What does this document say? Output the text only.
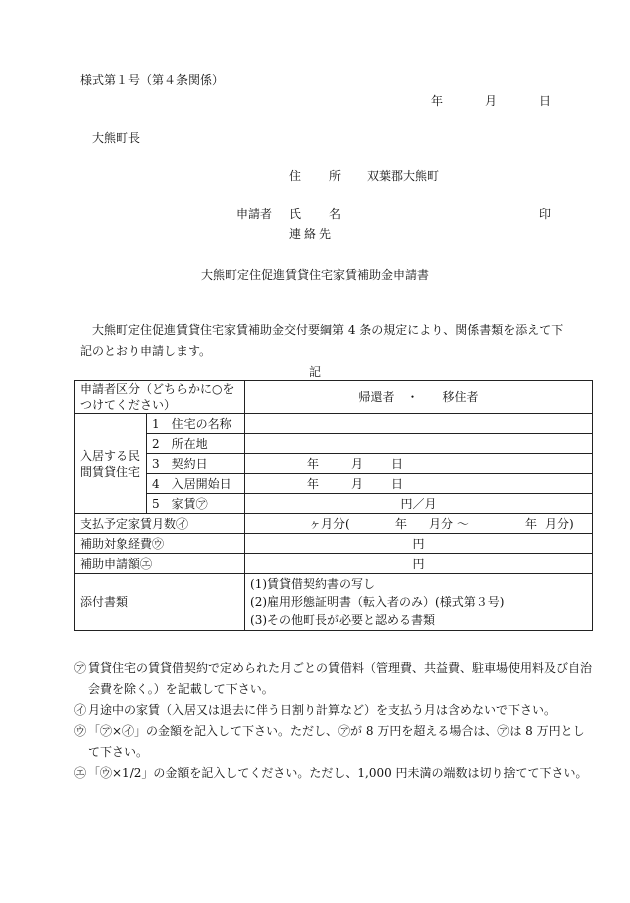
様式第１号（第４条関係）
年	月	日
大熊町長
住 所 双葉郡大熊町
申請者 氏 名	印
連絡先
大熊町定住促進賃貸住宅家賃補助金申請書
大熊町定住促進賃貸住宅家賃補助金交付要綱第 4 条の規定により、関係書類を添えて下記のとおり申請します。
記
申請者区分（どちらかに○をつけてください）		帰還者　・　　移住者
入居する民間賃貸住宅	1　 住宅の名称	
	2　 所在地	
	3　 契約日	年 月 日
	4　 入居開始日	年 月 日
	5　 家賃㋐	円／月
支払予定家賃月数㋑		ヶ月分( 年 月分 〜 年 月分)
補助対象経費㋒		円
補助申請額㋓		円
添付書類		(1)賃貸借契約書の写し
(2)雇用形態証明書（転入者のみ）(様式第３号)
(3)その他町長が必要と認める書類

㋐ 賃貸住宅の賃貸借契約で定められた月ごとの賃借料（管理費、共益費、駐車場使用料及び自治会費を除く。）を記載して下さい。

㋑ 月途中の家賃（入居又は退去に伴う日割り計算など）を支払う月は含めないで下さい。

㋒ 「㋐×㋑」の金額を記入して下さい。ただし、㋐が 8 万円を超える場合は、㋐は 8 万円として下さい。

㋓ 「㋒×1/2」の金額を記入してください。ただし、1,000 円未満の端数は切り捨てて下さい。
